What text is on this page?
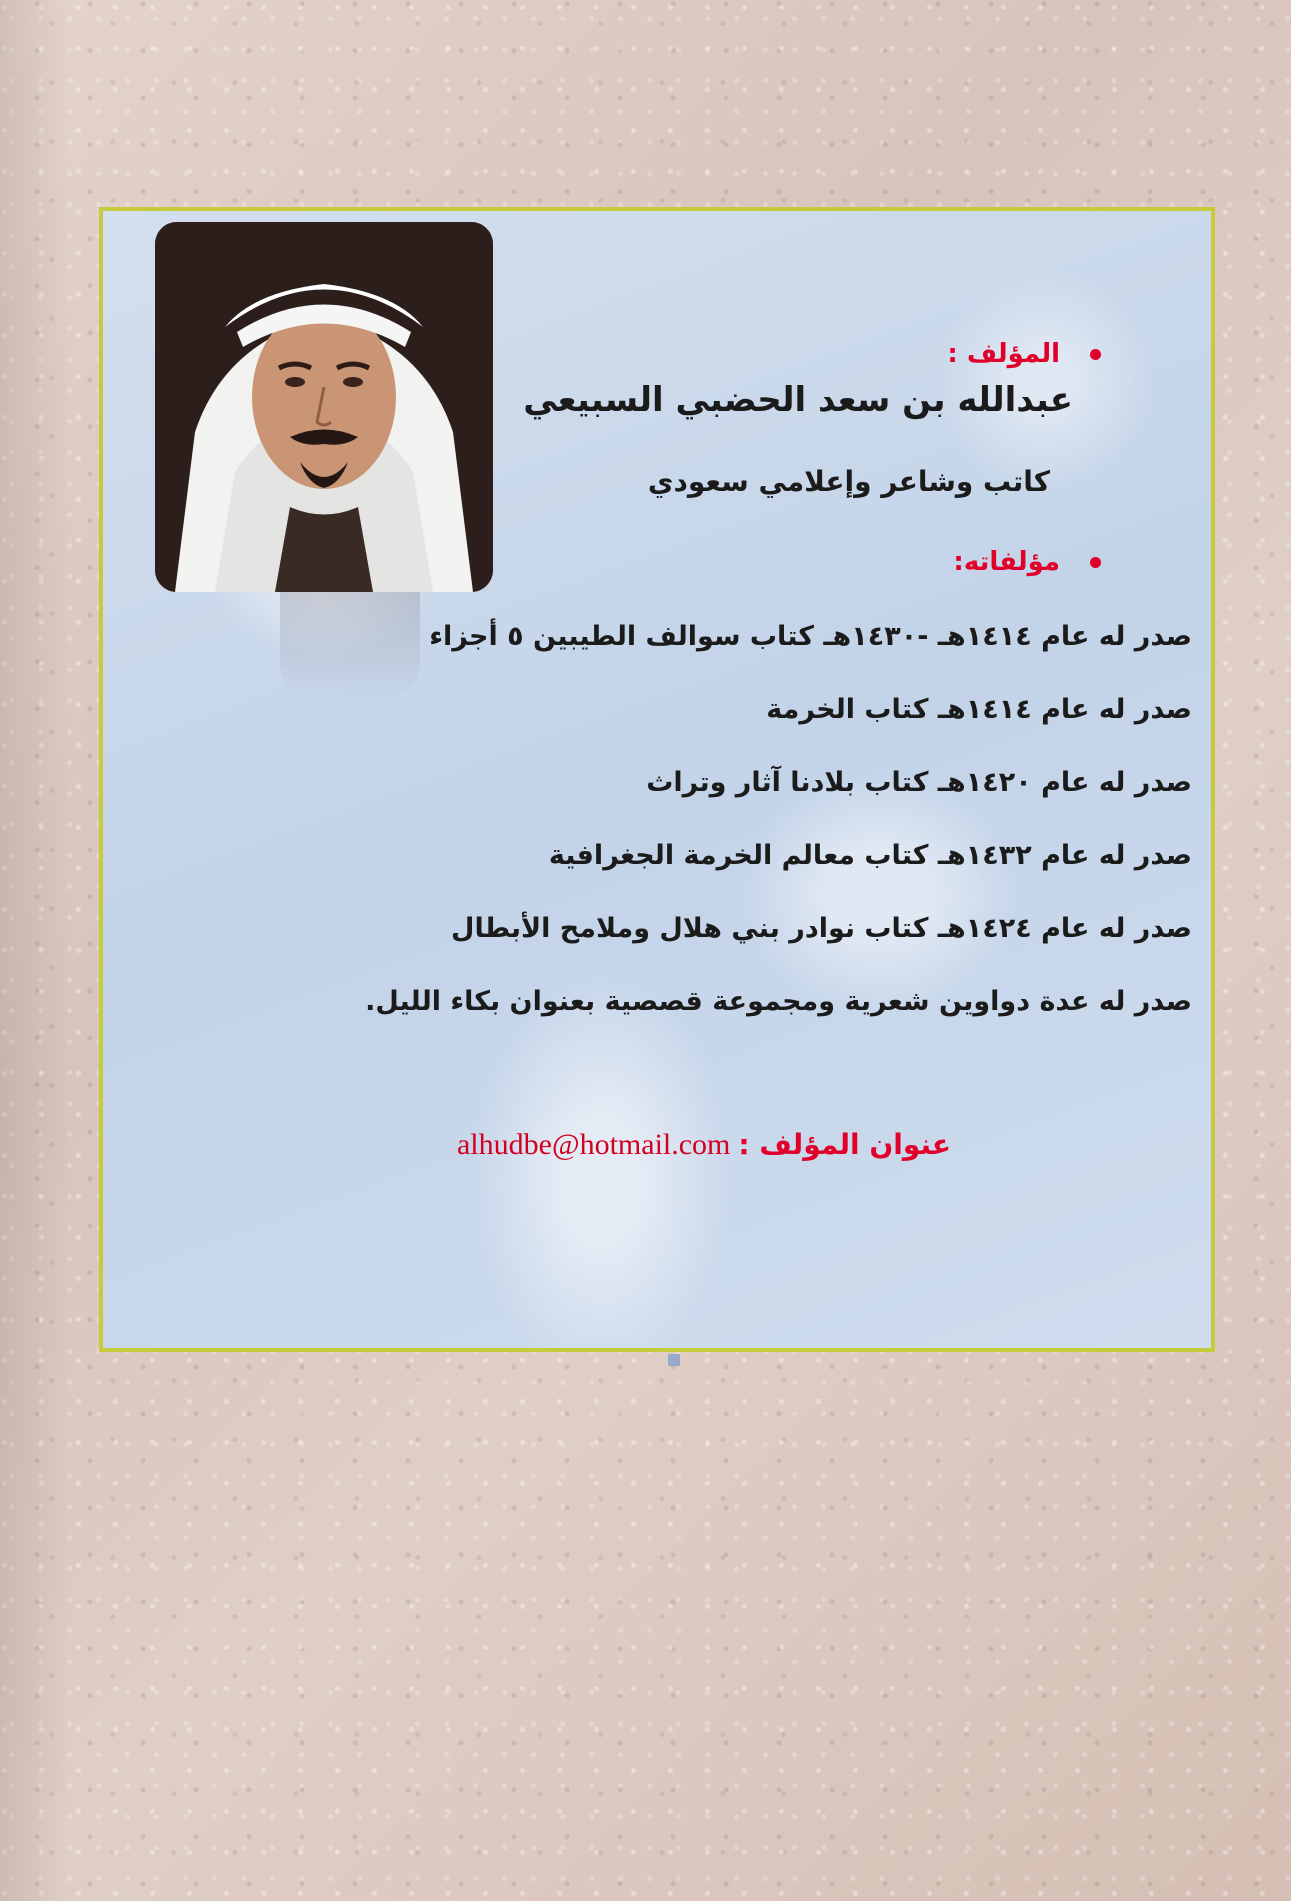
المؤلف :
عبدالله بن سعد الحضبي السبيعي
كاتب وشاعر وإعلامي سعودي
مؤلفاته:
صدر له عام ١٤١٤هـ -١٤٣٠هـ كتاب سوالف الطيبين ٥ أجزاء
صدر له عام ١٤١٤هـ كتاب الخرمة
صدر له عام ١٤٢٠هـ كتاب بلادنا آثار وتراث
صدر له عام ١٤٣٢هـ كتاب معالم الخرمة الجغرافية
صدر له عام ١٤٢٤هـ كتاب نوادر بني هلال وملامح الأبطال
صدر له عدة دواوين شعرية ومجموعة قصصية بعنوان بكاء الليل.
عنوان المؤلف :
alhudbe@hotmail.com
